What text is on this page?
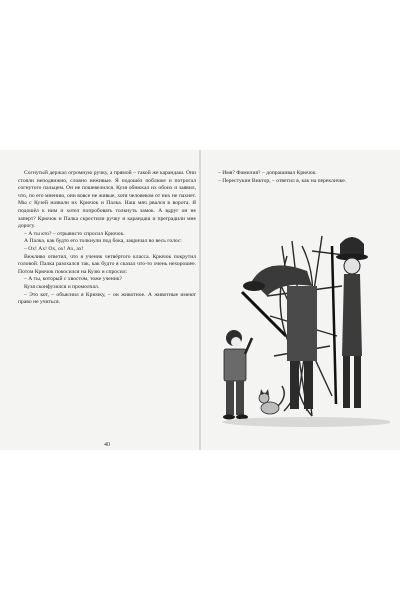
Согнутый держал огромную ручку, а прямой – такой же карандаш. Они стояли неподвижно, словно неживые. Я подошёл поближе и потрогал согнутого пальцем. Он не пошевелился. Кузя обнюхал их обоих и заявил, что, по его мнению, они вовсе не живые, хотя человеком от них не пахнет. Мы с Кузей назвали их Крючок и Палка. Наш мяч рвался в ворота. Я подошёл к ним и хотел попробовать толкнуть замок. А вдруг он не заперт? Крючок и Палка скрестили ручку и карандаш и преградили мне дорогу.

– А ты кто? – отрывисто спросил Крючок.

А Палка, как будто его толкнули под бока, закричал во весь голос:

– Ох! Ах! Ох, ох! Ах, ах!

Вежливо ответил, что я ученик четвёртого класса. Крючок покрутил головой. Палка разохался так, как будто я сказал что-то очень нехорошее. Потом Крючок покосился на Кузю и спросил:

– А ты, который с хвостом, тоже ученик?

Кузя сконфузился и промолчал.

– Это кот, – объяснил я Крючку, – он животное. А животные имеют право не учиться.

40

– Имя? Фамилия? – допрашивал Крючок.

– Перестукин Виктор, – ответил я, как на перекличке.
